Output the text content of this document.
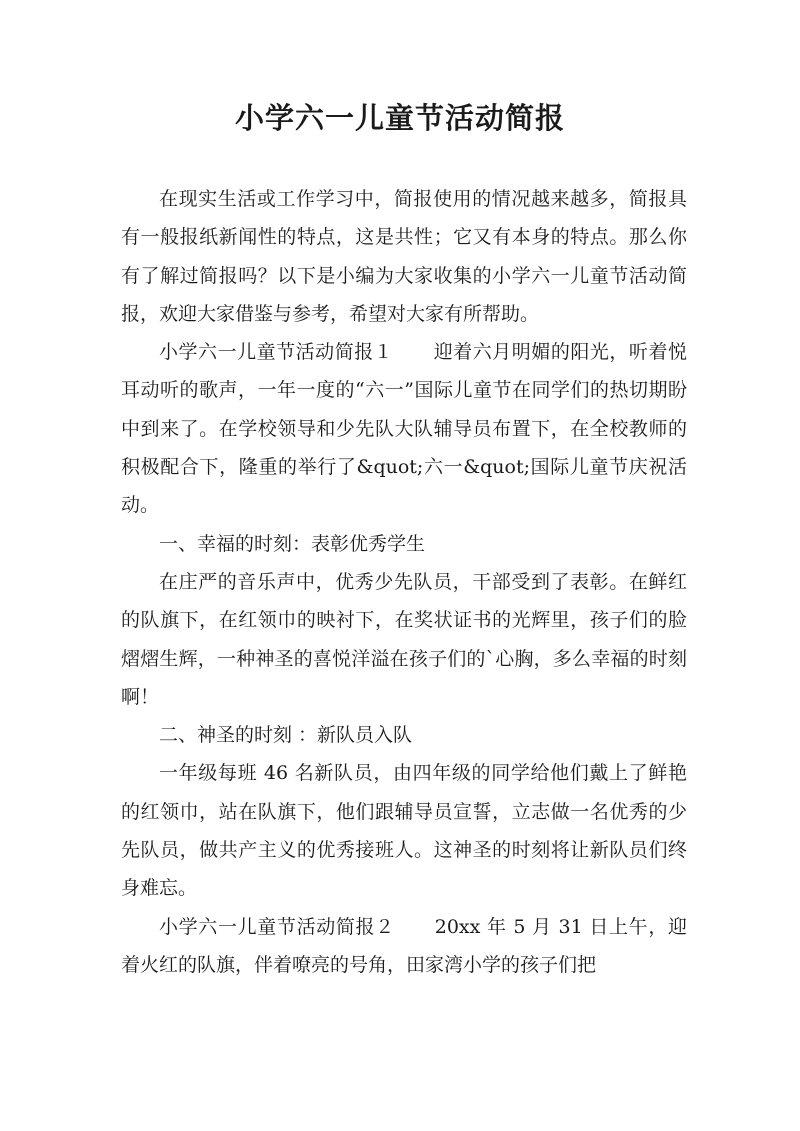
小学六一儿童节活动简报

在现实生活或工作学习中，简报使用的情况越来越多，简报具有一般报纸新闻性的特点，这是共性；它又有本身的特点。那么你有了解过简报吗？以下是小编为大家收集的小学六一儿童节活动简报，欢迎大家借鉴与参考，希望对大家有所帮助。

小学六一儿童节活动简报１ 迎着六月明媚的阳光，听着悦耳动听的歌声，一年一度的“六一”国际儿童节在同学们的热切期盼中到来了。在学校领导和少先队大队辅导员布置下，在全校教师的积极配合下，隆重的举行了&quot;六一&quot;国际儿童节庆祝活动。

一、幸福的时刻：表彰优秀学生

在庄严的音乐声中，优秀少先队员，干部受到了表彰。在鲜红的队旗下，在红领巾的映衬下，在奖状证书的光辉里，孩子们的脸熠熠生辉，一种神圣的喜悦洋溢在孩子们的`心胸，多么幸福的时刻啊！

二、神圣的时刻 ：新队员入队

一年级每班 46 名新队员，由四年级的同学给他们戴上了鲜艳的红领巾，站在队旗下，他们跟辅导员宣誓，立志做一名优秀的少先队员，做共产主义的优秀接班人。这神圣的时刻将让新队员们终身难忘。

小学六一儿童节活动简报２ 20xx 年 5 月 31 日上午，迎着火红的队旗，伴着嘹亮的号角，田家湾小学的孩子们把
